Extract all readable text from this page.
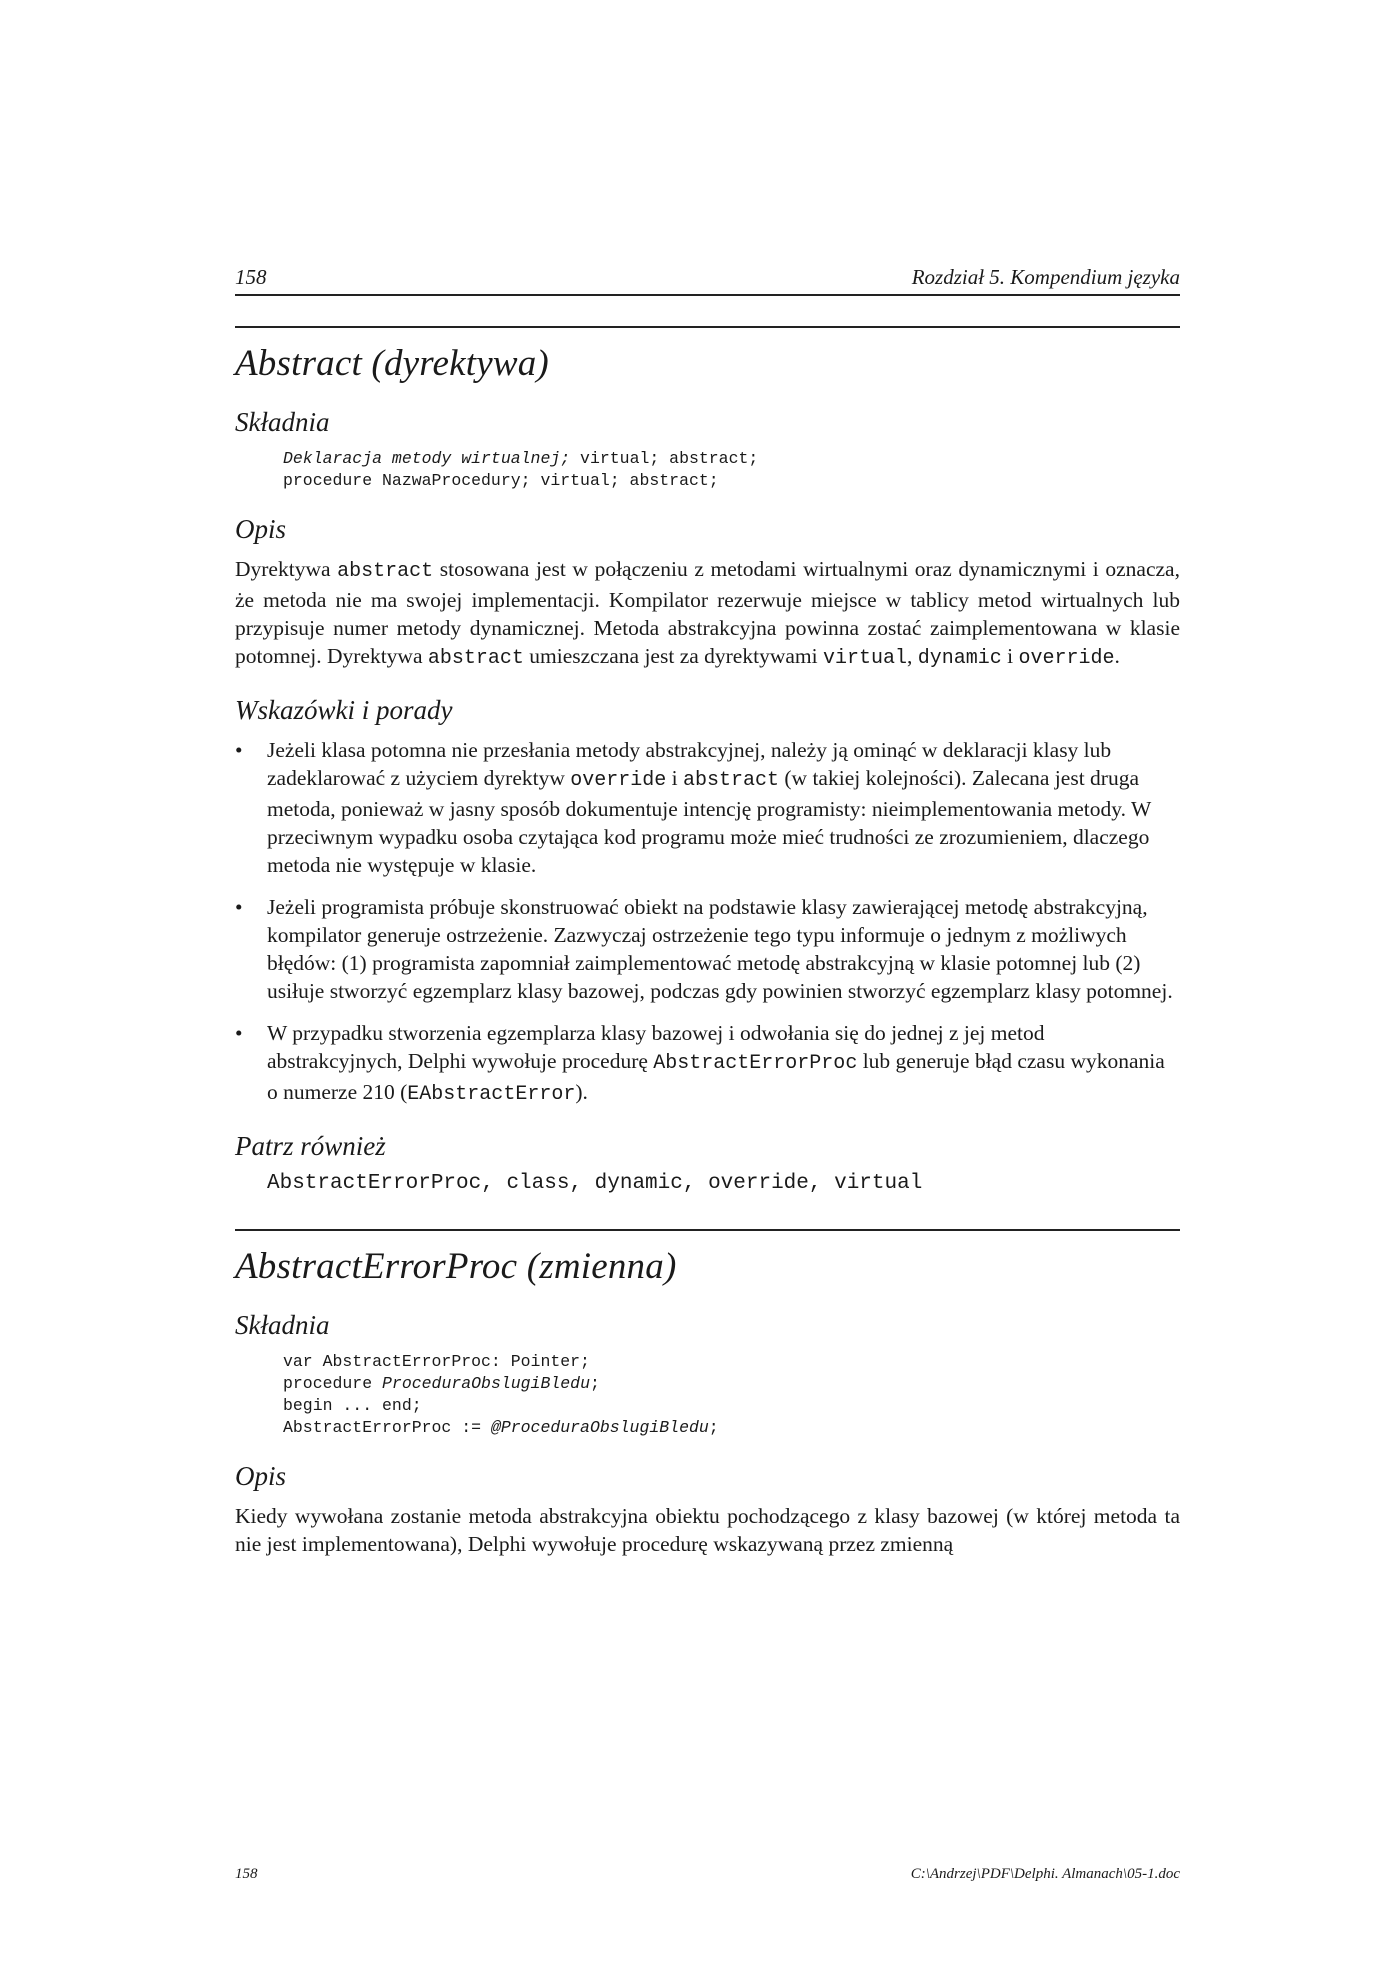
158	Rozdział 5. Kompendium języka
Abstract (dyrektywa)
Składnia
Deklaracja metody wirtualnej; virtual; abstract;
procedure NazwaProcedury; virtual; abstract;
Opis

Dyrektywa abstract stosowana jest w połączeniu z metodami wirtualnymi oraz dynamicznymi i oznacza, że metoda nie ma swojej implementacji. Kompilator rezerwuje miejsce w tablicy metod wirtualnych lub przypisuje numer metody dynamicznej. Metoda abstrakcyjna powinna zostać zaimplementowana w klasie potomnej. Dyrektywa abstract umieszczana jest za dyrektywami virtual, dynamic i override.

Wskazówki i porady
•	Jeżeli klasa potomna nie przesłania metody abstrakcyjnej, należy ją ominąć w deklaracji klasy lub zadeklarować z użyciem dyrektyw override i abstract (w takiej kolejności). Zalecana jest druga metoda, ponieważ w jasny sposób dokumentuje intencję programisty: nieimplementowania metody. W przeciwnym wypadku osoba czytająca kod programu może mieć trudności ze zrozumieniem, dlaczego metoda nie występuje w klasie.
•	Jeżeli programista próbuje skonstruować obiekt na podstawie klasy zawierającej metodę abstrakcyjną, kompilator generuje ostrzeżenie. Zazwyczaj ostrzeżenie tego typu informuje o jednym z możliwych błędów: (1) programista zapomniał zaimplementować metodę abstrakcyjną w klasie potomnej lub (2) usiłuje stworzyć egzemplarz klasy bazowej, podczas gdy powinien stworzyć egzemplarz klasy potomnej.
•	W przypadku stworzenia egzemplarza klasy bazowej i odwołania się do jednej z jej metod abstrakcyjnych, Delphi wywołuje procedurę AbstractErrorProc lub generuje błąd czasu wykonania o numerze 210 (EAbstractError).
Patrz również
AbstractErrorProc, class, dynamic, override, virtual
AbstractErrorProc (zmienna)
Składnia
var AbstractErrorProc: Pointer;
procedure ProceduraObslugiBledu;
begin ... end;
AbstractErrorProc := @ProceduraObslugiBledu;
Opis

Kiedy wywołana zostanie metoda abstrakcyjna obiektu pochodzącego z klasy bazowej (w której metoda ta nie jest implementowana), Delphi wywołuje procedurę wskazywaną przez zmienną

158	C:\Andrzej\PDF\Delphi. Almanach\05-1.doc
